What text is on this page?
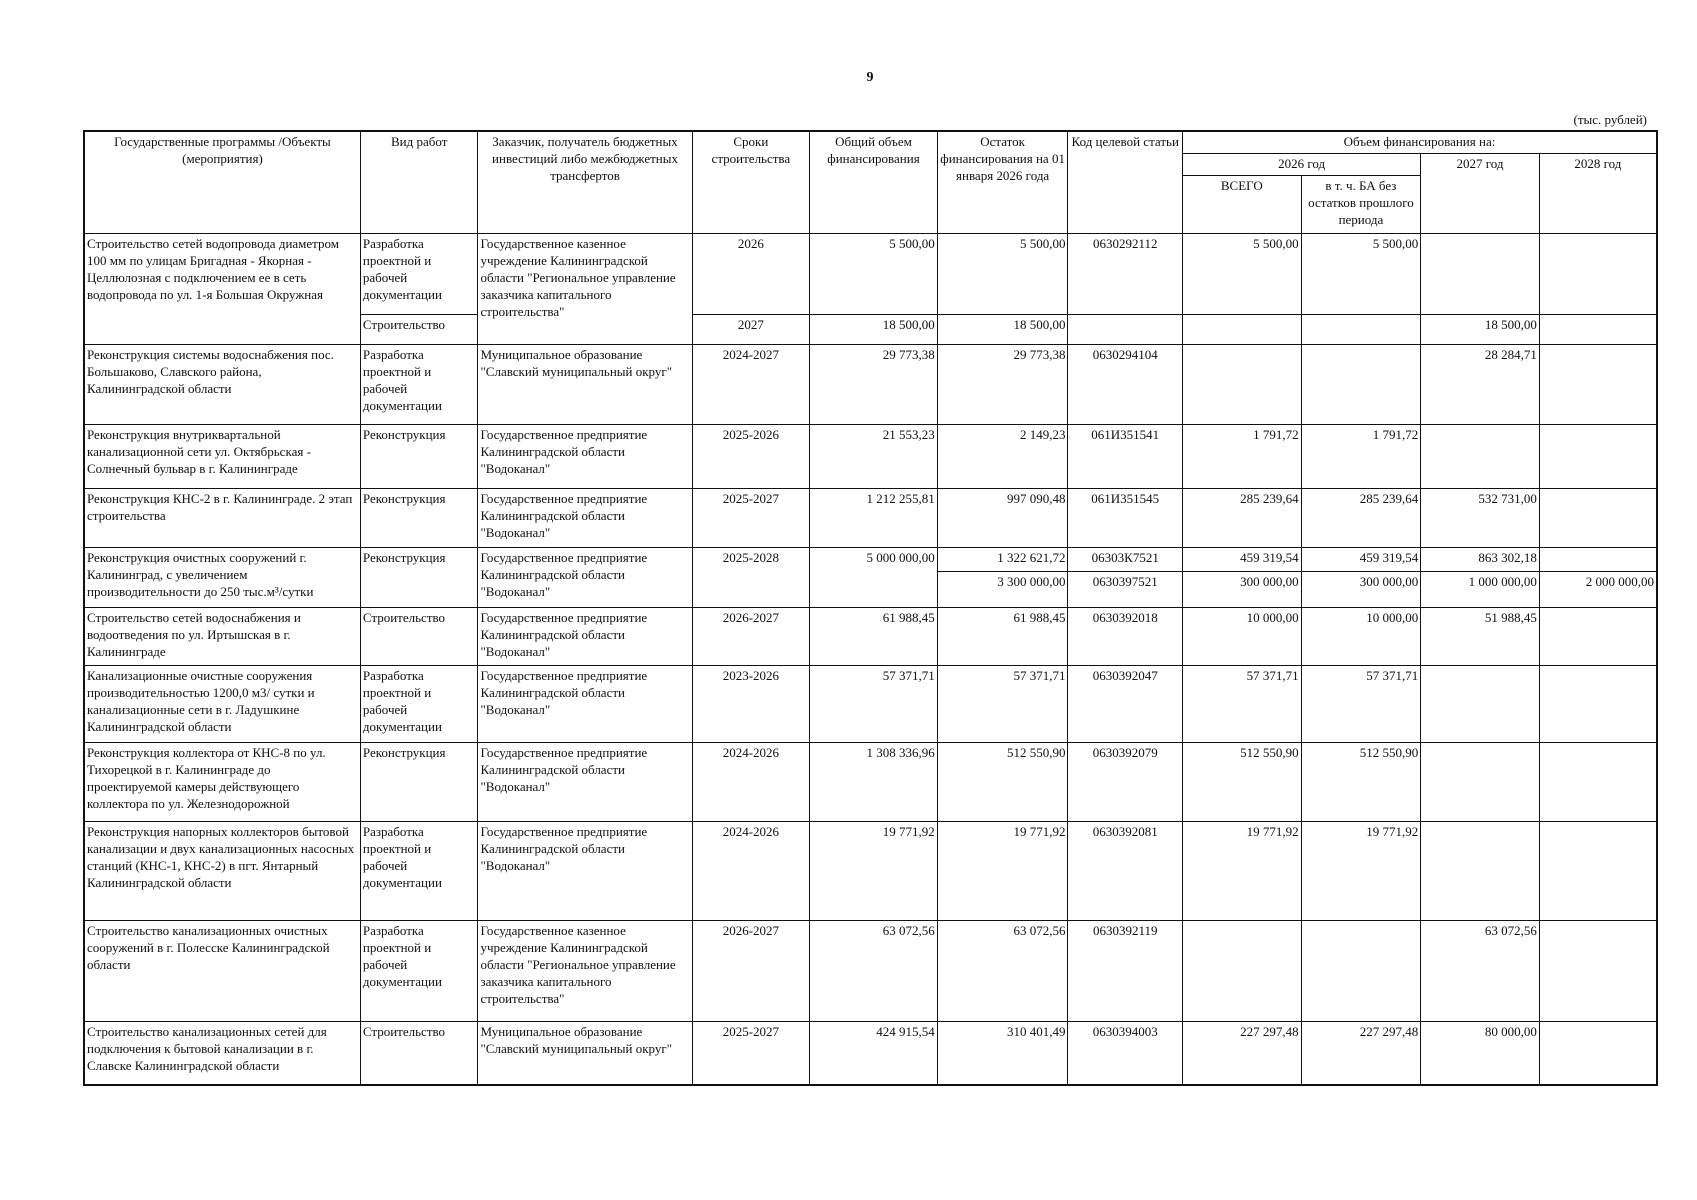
9
(тыс. рублей)
Государственные программы /Объекты (мероприятия)	Вид работ	Заказчик, получатель бюджетных инвестиций либо межбюджетных трансфертов	Сроки строительства	Общий объем финансирования	Остаток финансирования на 01 января 2026 года	Код целевой статьи	Объем финансирования на:			
							2026 год		2027 год	2028 год
							ВСЕГО	в т. ч. БА без остатков прошлого периода		
Строительство сетей водопровода диаметром 100 мм по улицам Бригадная - Якорная - Целлюлозная с подключением ее в сеть водопровода по ул. 1-я Большая Окружная	Разработка проектной и рабочей документации	Государственное казенное учреждение Калининградской области "Региональное управление заказчика капитального строительства"	2026	5 500,00	5 500,00	0630292112	5 500,00	5 500,00		
	Строительство		2027	18 500,00	18 500,00				18 500,00	
Реконструкция системы водоснабжения пос. Большаково, Славского района, Калининградской области	Разработка проектной и рабочей документации	Муниципальное образование "Славский муниципальный округ"	2024-2027	29 773,38	29 773,38	0630294104			28 284,71	
Реконструкция внутриквартальной канализационной сети ул. Октябрьская - Солнечный бульвар в г. Калининграде	Реконструкция	Государственное предприятие Калининградской области "Водоканал"	2025-2026	21 553,23	2 149,23	061И351541	1 791,72	1 791,72		
Реконструкция КНС-2 в г. Калининграде. 2 этап строительства	Реконструкция	Государственное предприятие Калининградской области "Водоканал"	2025-2027	1 212 255,81	997 090,48	061И351545	285 239,64	285 239,64	532 731,00	
Реконструкция очистных сооружений г. Калининград, с увеличением производительности до 250 тыс.м³/сутки	Реконструкция	Государственное предприятие Калининградской области "Водоканал"	2025-2028	5 000 000,00	1 322 621,72	06303К7521	459 319,54	459 319,54	863 302,18	
					3 300 000,00	0630397521	300 000,00	300 000,00	1 000 000,00	2 000 000,00
Строительство сетей водоснабжения и водоотведения по ул. Иртышская в г. Калининграде	Строительство	Государственное предприятие Калининградской области "Водоканал"	2026-2027	61 988,45	61 988,45	0630392018	10 000,00	10 000,00	51 988,45	
Канализационные очистные сооружения производительностью 1200,0 м3/ сутки и канализационные сети в г. Ладушкине Калининградской области	Разработка проектной и рабочей документации	Государственное предприятие Калининградской области "Водоканал"	2023-2026	57 371,71	57 371,71	0630392047	57 371,71	57 371,71		
Реконструкция коллектора от КНС-8 по ул. Тихорецкой в г. Калининграде до проектируемой камеры действующего коллектора по ул. Железнодорожной	Реконструкция	Государственное предприятие Калининградской области "Водоканал"	2024-2026	1 308 336,96	512 550,90	0630392079	512 550,90	512 550,90		
Реконструкция напорных коллекторов бытовой канализации и двух канализационных насосных станций (КНС-1, КНС-2) в пгт. Янтарный Калининградской области	Разработка проектной и рабочей документации	Государственное предприятие Калининградской области "Водоканал"	2024-2026	19 771,92	19 771,92	0630392081	19 771,92	19 771,92		
Строительство канализационных очистных сооружений в г. Полесске Калининградской области	Разработка проектной и рабочей документации	Государственное казенное учреждение Калининградской области "Региональное управление заказчика капитального строительства"	2026-2027	63 072,56	63 072,56	0630392119			63 072,56	
Строительство канализационных сетей для подключения к бытовой канализации в г. Славске Калининградской области	Строительство	Муниципальное образование "Славский муниципальный округ"	2025-2027	424 915,54	310 401,49	0630394003	227 297,48	227 297,48	80 000,00	
